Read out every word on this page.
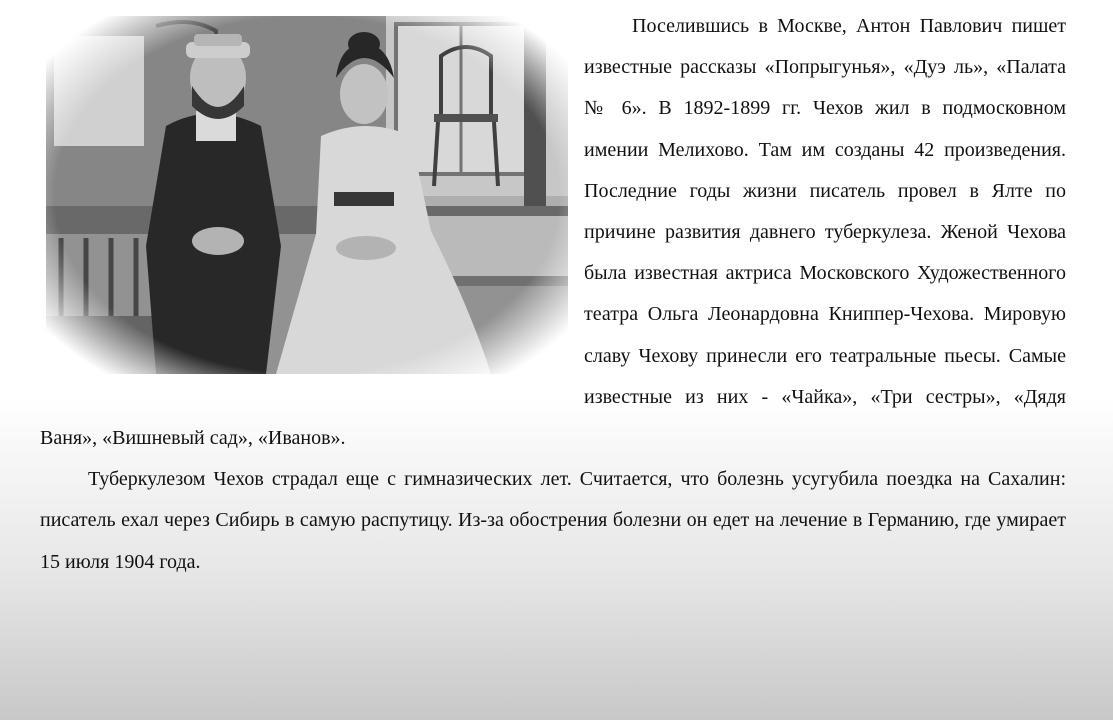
Поселившись в Москве, Антон Павлович пишет известные рассказы «Попрыгунья», «Дуэ ль», «Палата № 6». В 1892-1899 гг. Чехов жил в подмосковном имении Мелихово. Там им созданы 42 произведения. Последние годы жизни писатель провел в Ялте по причине развития давнего туберкулеза. Женой Чехова была известная актриса Московского Художественного театра Ольга Леонардовна Книппер-Чехова. Мировую славу Чехову принесли его театральные пьесы. Самые известные из них - «Чайка», «Три сестры», «Дядя Ваня», «Вишневый сад», «Иванов».

Туберкулезом Чехов страдал еще с гимназических лет. Считается, что болезнь усугубила поездка на Сахалин: писатель ехал через Сибирь в самую распутицу. Из-за обострения болезни он едет на лечение в Германию, где умирает 15 июля 1904 года.
